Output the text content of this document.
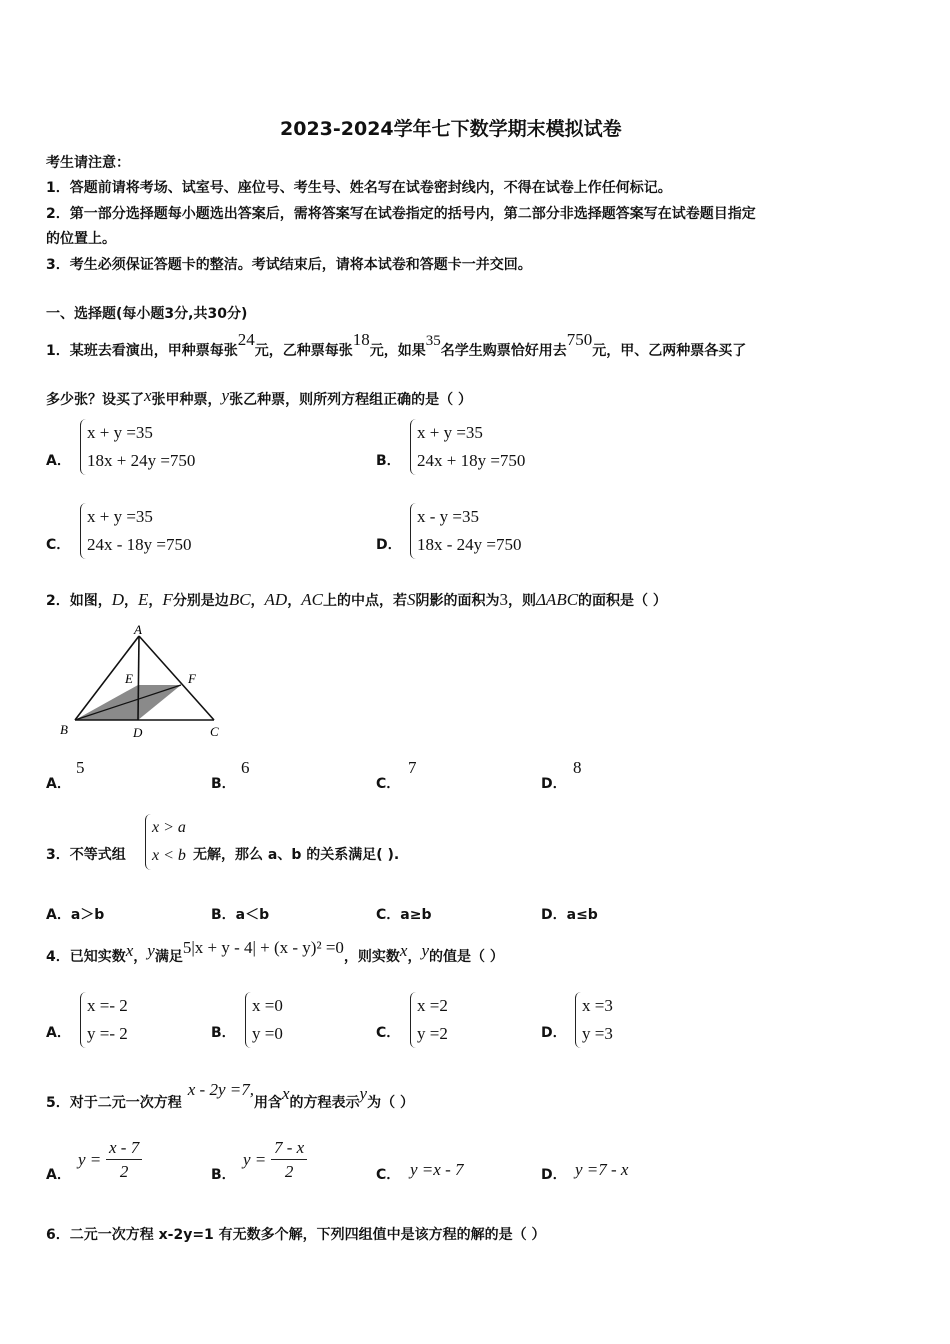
2023-2024学年七下数学期末模拟试卷
考生请注意：
1．答题前请将考场、试室号、座位号、考生号、姓名写在试卷密封线内，不得在试卷上作任何标记。
2．第一部分选择题每小题选出答案后，需将答案写在试卷指定的括号内，第二部分非选择题答案写在试卷题目指定
的位置上。
3．考生必须保证答题卡的整洁。考试结束后，请将本试卷和答题卡一并交回。
一、选择题(每小题3分,共30分)
1．某班去看演出，甲种票每张24元，乙种票每张18元，如果35名学生购票恰好用去750元，甲、乙两种票各买了
多少张？设买了x张甲种票，y张乙种票，则所列方程组正确的是（ ）
A．
x + y =35
18x + 24y =750	B．
x + y =35
24x + 18y =750
C．
x + y =35
24x - 18y =750	D．
x - y =35
18x - 24y =750
2．如图，D，E，F分别是边BC，AD，AC上的中点，若S阴影的面积为3，则ΔABC的面积是（ ）
A
B	C
D
E	F
A．
5
B．
6
C．
7
D．
8
3．不等式组
x > a
x < b 无解，那么 a、b 的关系满足( ).
A．a＞b	B．a＜b	C．a≥b	D．a≤b
4．已知实数x，y满足5|x + y - 4| + (x - y)² =0，则实数x，y的值是（ ）
A．
x =- 2
y =- 2	B．
x =0
y =0	C．
x =2
y =2	D．
x =3
y =3
5．对于二元一次方程x - 2y =7,用含x的方程表示y为（ ）
A．
$y = \frac{x - 7}{2}$	B．
$y = \frac{7 - x}{2}$	C． y =x - 7	D． y =7 - x
6．二元一次方程 x-2y=1 有无数多个解，下列四组值中是该方程的解的是（ ）
